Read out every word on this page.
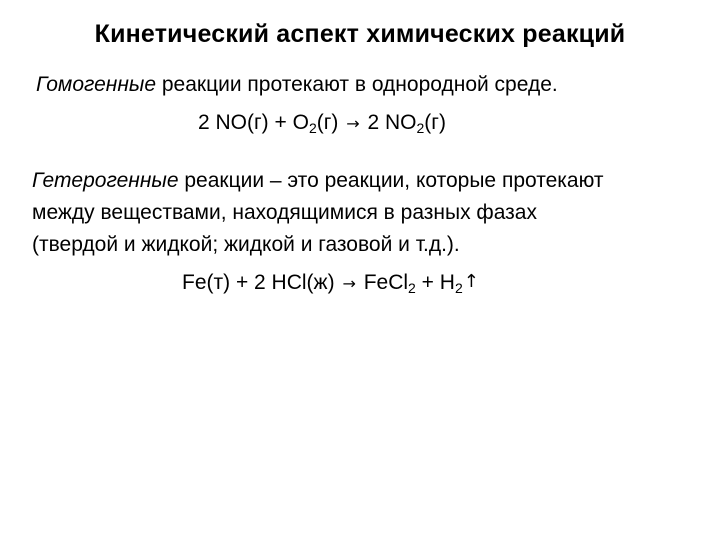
Кинетический аспект химических реакций
Гомогенные реакции протекают в однородной среде.
2 $NO(г) + O_2(г) \to 2$ $NO_2(г)$
Гетерогенные реакции – это реакции, которые протекают
между веществами, находящимися в разных фазах
(твердой и жидкой; жидкой и газовой и т.д.).
Fe(т) + 2 HCl(ж) → FeCl$_2$ + $H_2↑$
